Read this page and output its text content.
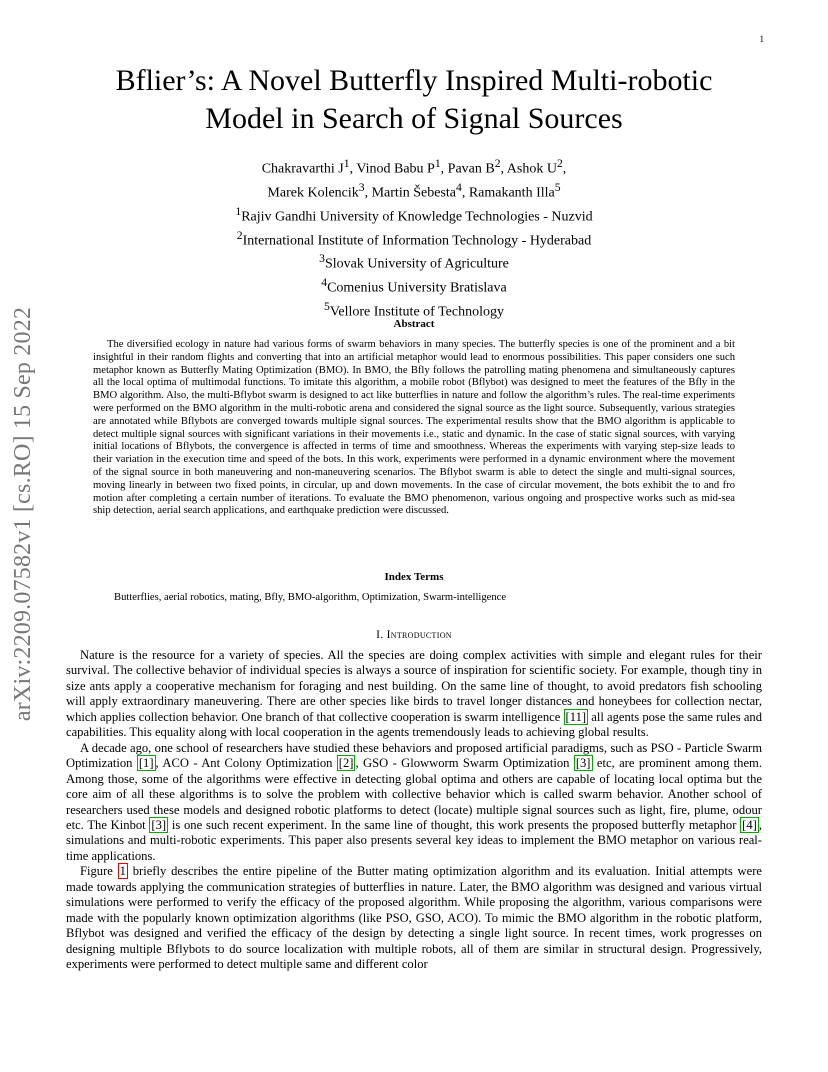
1
arXiv:2209.07582v1 [cs.RO] 15 Sep 2022
Bflier’s: A Novel Butterfly Inspired Multi-robotic
Model in Search of Signal Sources
Chakravarthi $J^1$, Vinod Babu $P^1$, Pavan $B^2$, Ashok $U^2$,
Marek Kolencik$^3$, Martin Šebesta$^4$, Ramakanth Illa$^5$
$^1$Rajiv Gandhi University of Knowledge Technologies - Nuzvid
$^2$International Institute of Information Technology - Hyderabad
$^3$Slovak University of Agriculture
$^4$Comenius University Bratislava
$^5$Vellore Institute of Technology
Abstract

The diversified ecology in nature had various forms of swarm behaviors in many species. The butterfly species is one of the prominent and a bit insightful in their random flights and converting that into an artificial metaphor would lead to enormous possibilities. This paper considers one such metaphor known as Butterfly Mating Optimization (BMO). In BMO, the Bfly follows the patrolling mating phenomena and simultaneously captures all the local optima of multimodal functions. To imitate this algorithm, a mobile robot (Bflybot) was designed to meet the features of the Bfly in the BMO algorithm. Also, the multi-Bflybot swarm is designed to act like butterflies in nature and follow the algorithm’s rules. The real-time experiments were performed on the BMO algorithm in the multi-robotic arena and considered the signal source as the light source. Subsequently, various strategies are annotated while Bflybots are converged towards multiple signal sources. The experimental results show that the BMO algorithm is applicable to detect multiple signal sources with significant variations in their movements i.e., static and dynamic. In the case of static signal sources, with varying initial locations of Bflybots, the convergence is affected in terms of time and smoothness. Whereas the experiments with varying step-size leads to their variation in the execution time and speed of the bots. In this work, experiments were performed in a dynamic environment where the movement of the signal source in both maneuvering and non-maneuvering scenarios. The Bflybot swarm is able to detect the single and multi-signal sources, moving linearly in between two fixed points, in circular, up and down movements. In the case of circular movement, the bots exhibit the to and fro motion after completing a certain number of iterations. To evaluate the BMO phenomenon, various ongoing and prospective works such as mid-sea ship detection, aerial search applications, and earthquake prediction were discussed.

Index Terms
Butterflies, aerial robotics, mating, Bfly, BMO-algorithm, Optimization, Swarm-intelligence
I. Introduction

Nature is the resource for a variety of species. All the species are doing complex activities with simple and elegant rules for their survival. The collective behavior of individual species is always a source of inspiration for scientific society. For example, though tiny in size ants apply a cooperative mechanism for foraging and nest building. On the same line of thought, to avoid predators fish schooling will apply extraordinary maneuvering. There are other species like birds to travel longer distances and honeybees for collection nectar, which applies collection behavior. One branch of that collective cooperation is swarm intelligence [11] all agents pose the same rules and capabilities. This equality along with local cooperation in the agents tremendously leads to achieving global results.

A decade ago, one school of researchers have studied these behaviors and proposed artificial paradigms, such as PSO - Particle Swarm Optimization [1] , ACO - Ant Colony Optimization [2] , GSO - Glowworm Swarm Optimization [3] etc, are prominent among them. Among those, some of the algorithms were effective in detecting global optima and others are capable of locating local optima but the core aim of all these algorithms is to solve the problem with collective behavior which is called swarm behavior. Another school of researchers used these models and designed robotic platforms to detect (locate) multiple signal sources such as light, fire, plume, odour etc. The Kinbot [3] is one such recent experiment. In the same line of thought, this work presents the proposed butterfly metaphor [4] , simulations and multi-robotic experiments. This paper also presents several key ideas to implement the BMO metaphor on various real-time applications.

Figure 1 briefly describes the entire pipeline of the Butter mating optimization algorithm and its evaluation. Initial attempts were made towards applying the communication strategies of butterflies in nature. Later, the BMO algorithm was designed and various virtual simulations were performed to verify the efficacy of the proposed algorithm. While proposing the algorithm, various comparisons were made with the popularly known optimization algorithms (like PSO, GSO, ACO). To mimic the BMO algorithm in the robotic platform, Bflybot was designed and verified the efficacy of the design by detecting a single light source. In recent times, work progresses on designing multiple Bflybots to do source localization with multiple robots, all of them are similar in structural design. Progressively, experiments were performed to detect multiple same and different color
